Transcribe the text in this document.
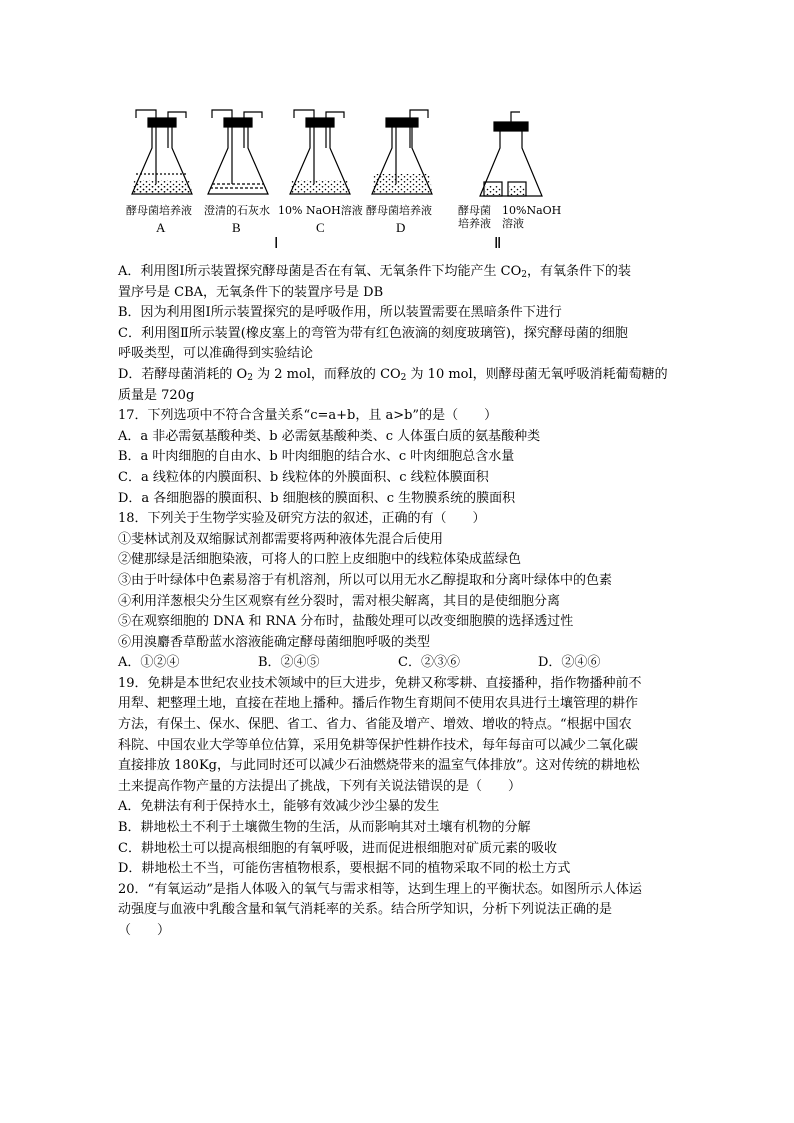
酵母菌培养液 澄清的石灰水 10% NaOH溶液 酵母菌培养液
A	B	C	D
Ⅰ	Ⅱ
酵母菌
培养液
10%NaOH
溶液
A．利用图Ⅰ所示装置探究酵母菌是否在有氧、无氧条件下均能产生 $CO_2$，有氧条件下的装
置序号是 CBA，无氧条件下的装置序号是 DB
B．因为利用图Ⅰ所示装置探究的是呼吸作用，所以装置需要在黑暗条件下进行
C．利用图Ⅱ所示装置(橡皮塞上的弯管为带有红色液滴的刻度玻璃管)，探究酵母菌的细胞
呼吸类型，可以准确得到实验结论
D．若酵母菌消耗的 $O_2$ 为 2 mol，而释放的 $CO_2$ 为 10 mol，则酵母菌无氧呼吸消耗葡萄糖的
质量是 720g
17．下列选项中不符合含量关系“c=a+b，且 a>b”的是（　　）
A．a 非必需氨基酸种类、b 必需氨基酸种类、c 人体蛋白质的氨基酸种类
B．a 叶肉细胞的自由水、b 叶肉细胞的结合水、c 叶肉细胞总含水量
C．a 线粒体的内膜面积、b 线粒体的外膜面积、c 线粒体膜面积
D．a 各细胞器的膜面积、b 细胞核的膜面积、c 生物膜系统的膜面积
18．下列关于生物学实验及研究方法的叙述，正确的有（　　）
①斐林试剂及双缩脲试剂都需要将两种液体先混合后使用
②健那绿是活细胞染液，可将人的口腔上皮细胞中的线粒体染成蓝绿色
③由于叶绿体中色素易溶于有机溶剂，所以可以用无水乙醇提取和分离叶绿体中的色素
④利用洋葱根尖分生区观察有丝分裂时，需对根尖解离，其目的是使细胞分离
⑤在观察细胞的 DNA 和 RNA 分布时，盐酸处理可以改变细胞膜的选择透过性
⑥用溴麝香草酚蓝水溶液能确定酵母菌细胞呼吸的类型
A．①②④	B．②④⑤	C．②③⑥	D．②④⑥
19．免耕是本世纪农业技术领域中的巨大进步，免耕又称零耕、直接播种，指作物播种前不
用犁、耙整理土地，直接在茬地上播种。播后作物生育期间不使用农具进行土壤管理的耕作
方法，有保土、保水、保肥、省工、省力、省能及增产、增效、增收的特点。“根据中国农
科院、中国农业大学等单位估算，采用免耕等保护性耕作技术，每年每亩可以减少二氧化碳
直接排放 180Kg，与此同时还可以减少石油燃烧带来的温室气体排放”。这对传统的耕地松
土来提高作物产量的方法提出了挑战，下列有关说法错误的是（　　）
A．免耕法有利于保持水土，能够有效减少沙尘暴的发生
B．耕地松土不利于土壤微生物的生活，从而影响其对土壤有机物的分解
C．耕地松土可以提高根细胞的有氧呼吸，进而促进根细胞对矿质元素的吸收
D．耕地松土不当，可能伤害植物根系，要根据不同的植物采取不同的松土方式
20．“有氧运动”是指人体吸入的氧气与需求相等，达到生理上的平衡状态。如图所示人体运
动强度与血液中乳酸含量和氧气消耗率的关系。结合所学知识，分析下列说法正确的是
（　　）
